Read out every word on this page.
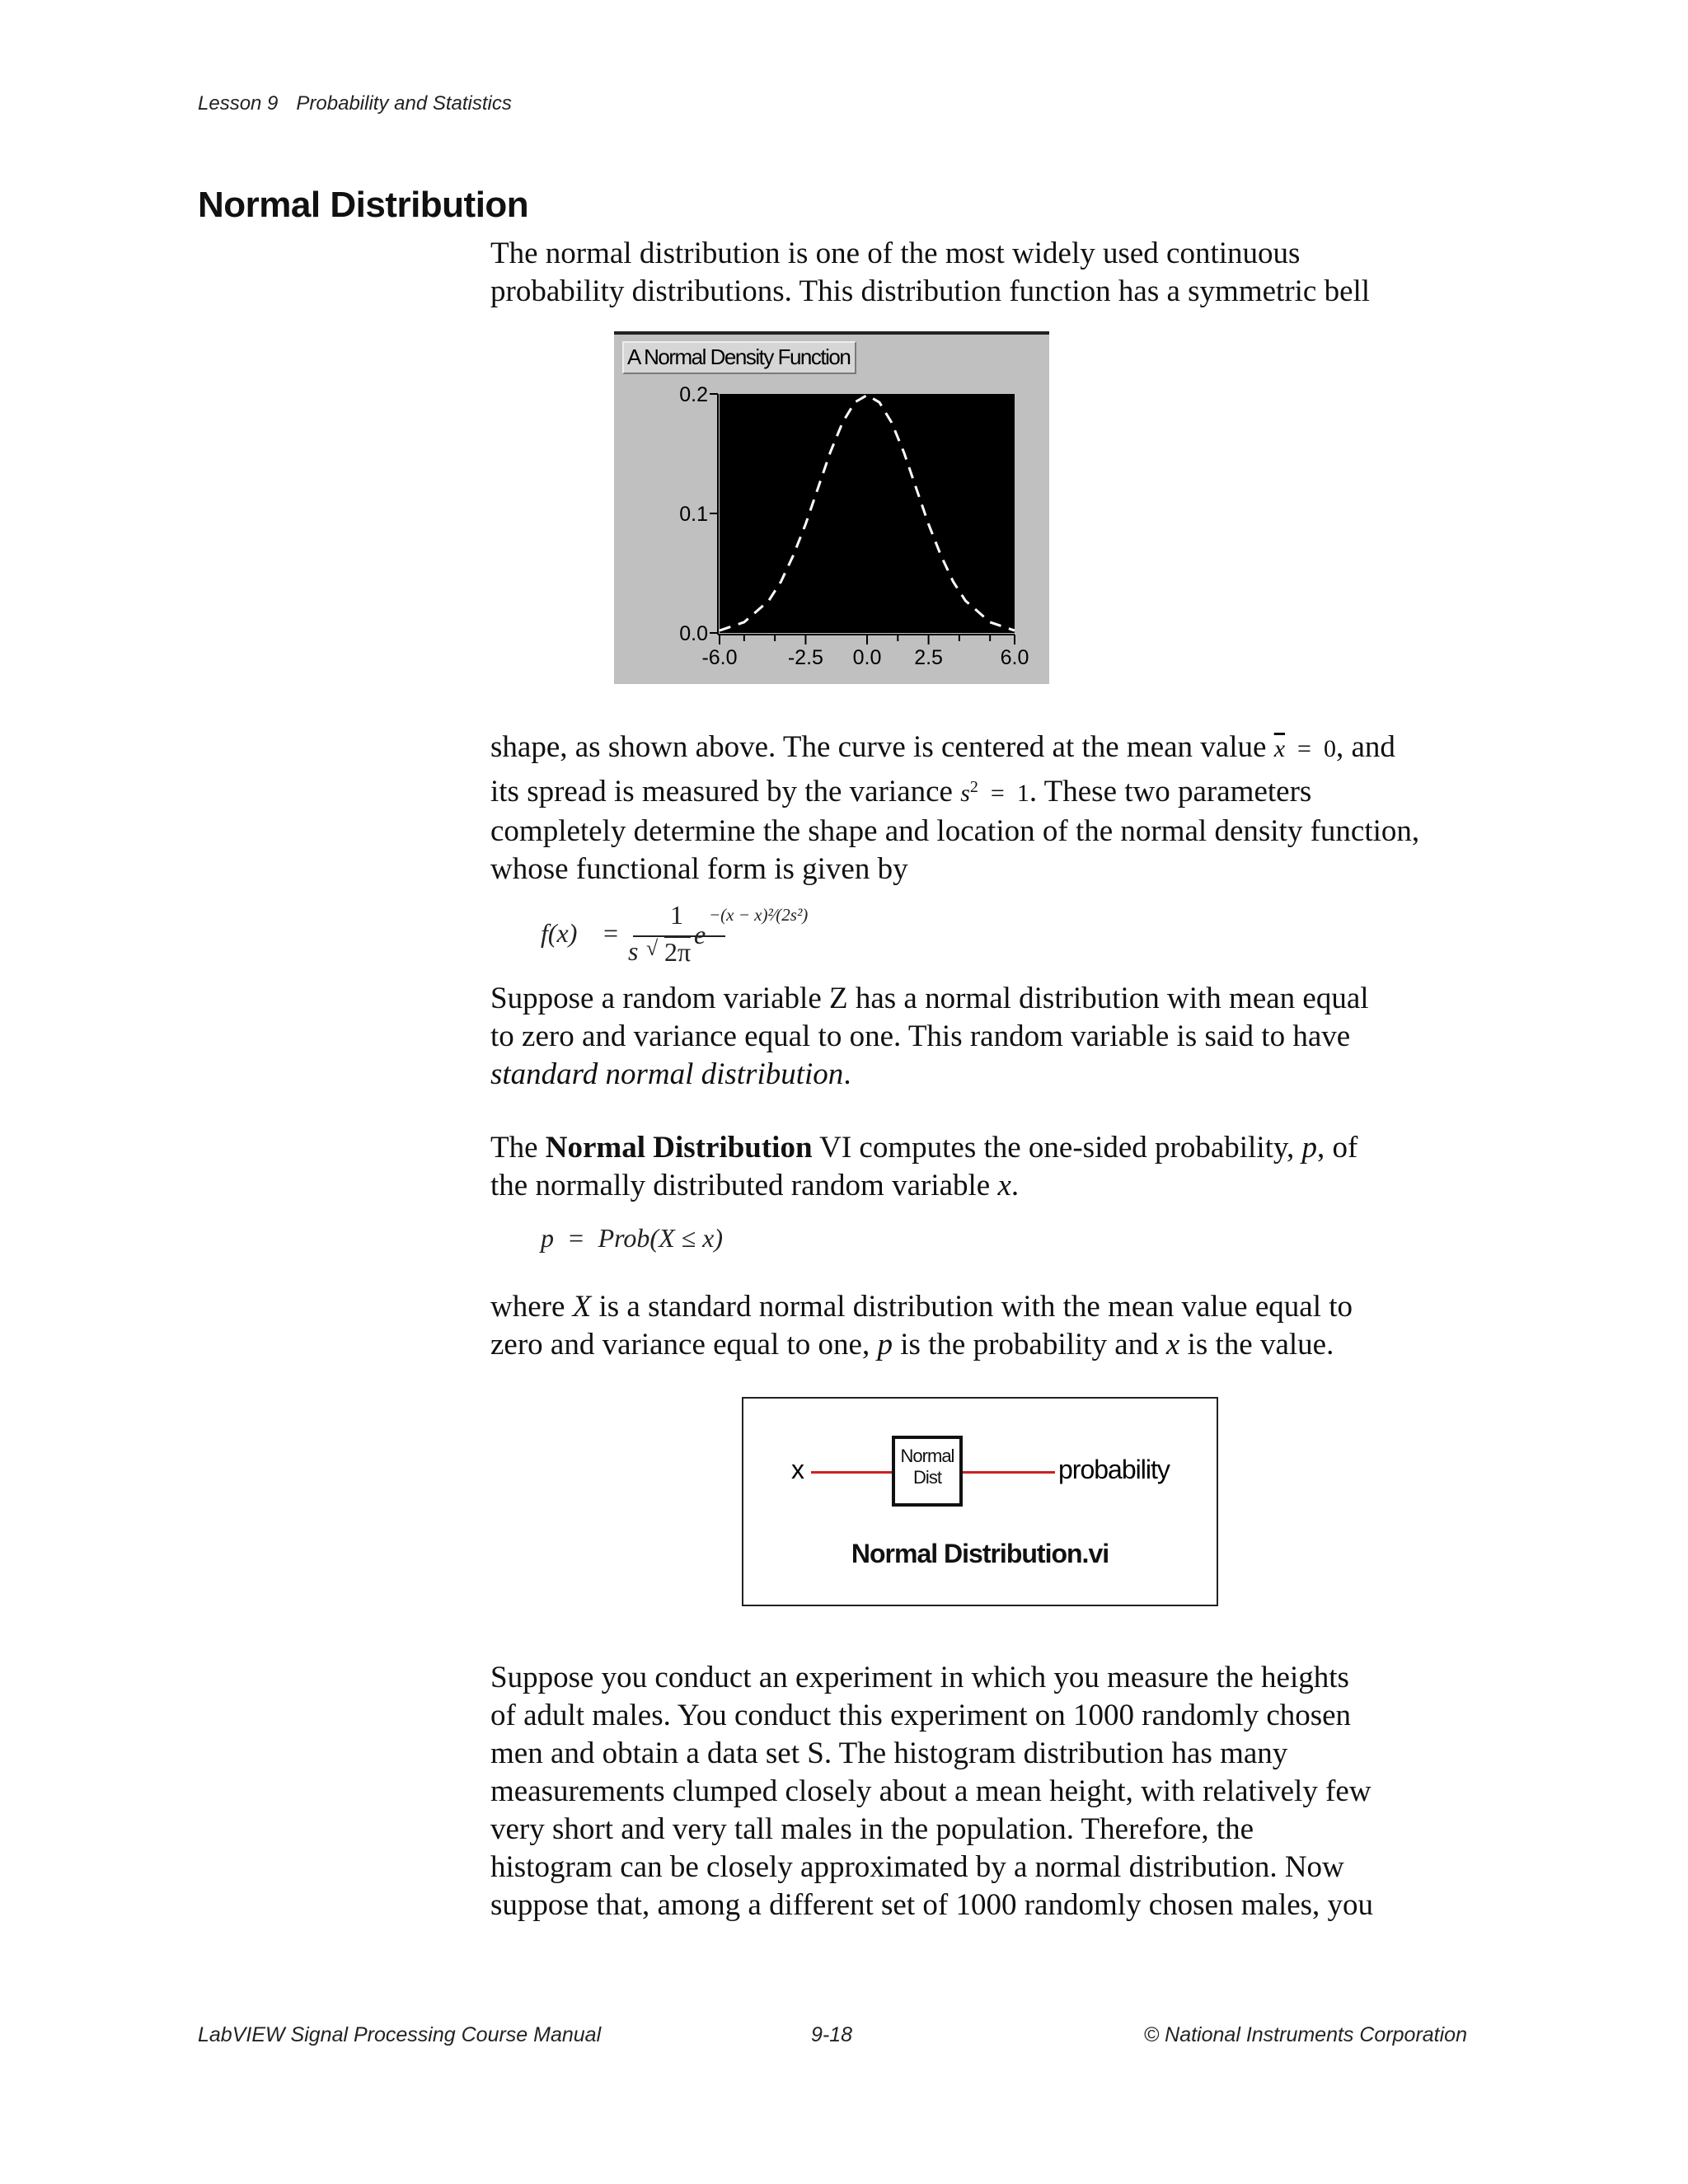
Lesson 9 Probability and Statistics
Normal Distribution

The normal distribution is one of the most widely used continuous
probability distributions. This distribution function has a symmetric bell

0.0
0.1
0.2
-6.0 -2.5 0.0 2.5	6.0
A Normal Density Function

shape, as shown above. The curve is centered at the mean value $\overline{x} = 0$, and
its spread is measured by the variance $s^2 = 1$. These two parameters
completely determine the shape and location of the normal density function,
whose functional form is given by

f(x) =
1
s √ 2π
e
−(x − x)²⁄(2s²)

Suppose a random variable Z has a normal distribution with mean equal
to zero and variance equal to one. This random variable is said to have
standard normal distribution.

The Normal Distribution VI computes the one-sided probability, p, of
the normally distributed random variable x.

p  =  Prob(X ≤ x)

where X is a standard normal distribution with the mean value equal to
zero and variance equal to one, p is the probability and x is the value.

x	Normal
Dist	probability
Normal Distribution.vi

Suppose you conduct an experiment in which you measure the heights
of adult males. You conduct this experiment on 1000 randomly chosen
men and obtain a data set S. The histogram distribution has many
measurements clumped closely about a mean height, with relatively few
very short and very tall males in the population. Therefore, the
histogram can be closely approximated by a normal distribution. Now
suppose that, among a different set of 1000 randomly chosen males, you

LabVIEW Signal Processing Course Manual	9-18	© National Instruments Corporation
